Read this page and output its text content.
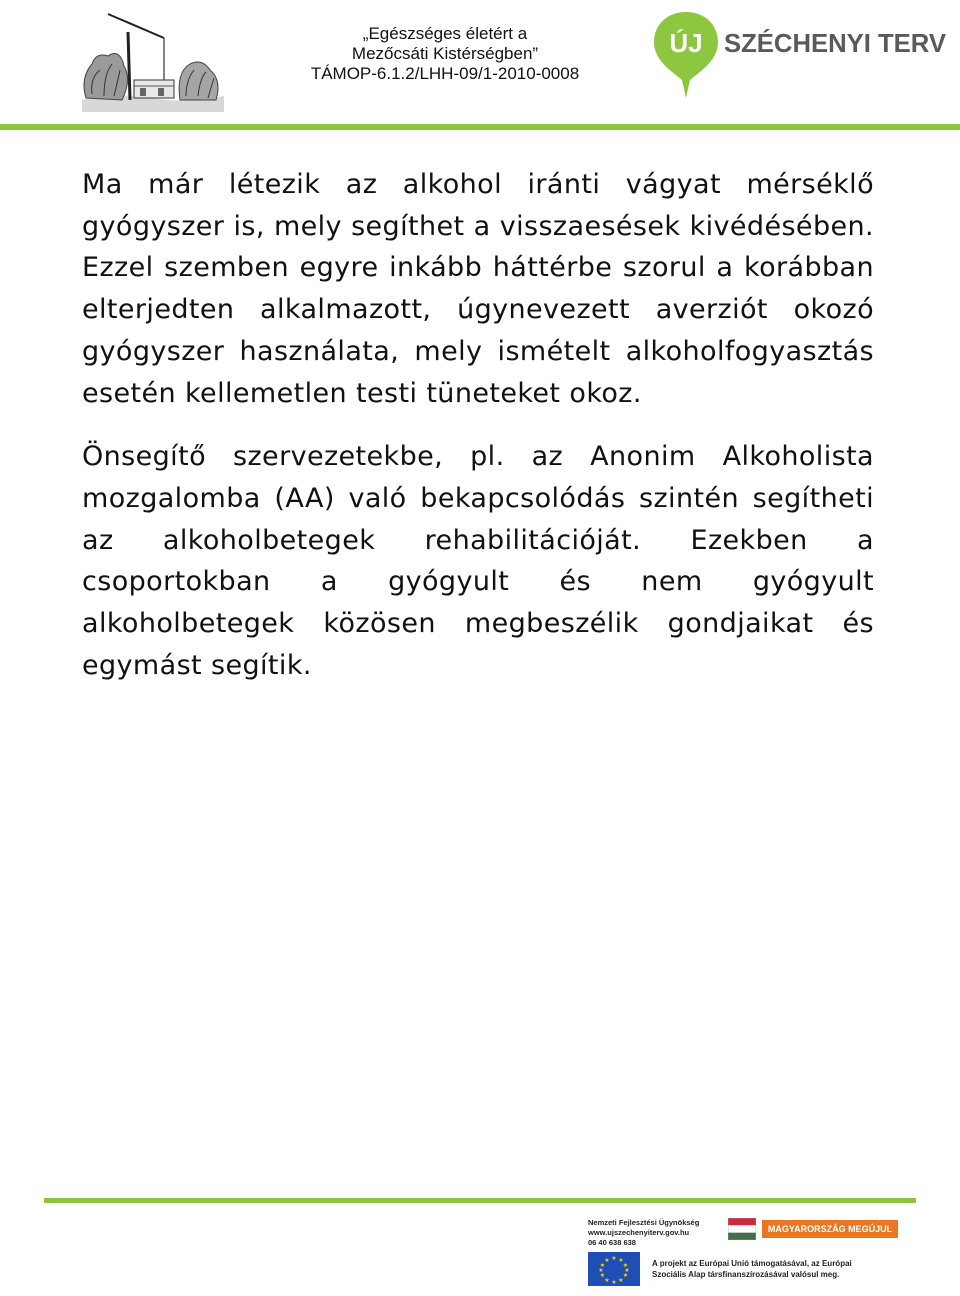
„Egészséges életért a
Mezőcsáti Kistérségben”
TÁMOP-6.1.2/LHH-09/1-2010-0008
ÚJ SZÉCHENYI TERV

Ma már létezik az alkohol iránti vágyat mérséklő gyógyszer is, mely segíthet a visszaesések kivédésében. Ezzel szemben egyre inkább háttérbe szorul a korábban elterjedten alkalmazott, úgynevezett averziót okozó gyógyszer használata, mely ismételt alkoholfogyasztás esetén kellemetlen testi tüneteket okoz.

Önsegítő szervezetekbe, pl. az Anonim Alkoholista mozgalomba (AA) való bekapcsolódás szintén segítheti az alkoholbetegek rehabilitációját. Ezekben a csoportokban a gyógyult és nem gyógyult alkoholbetegek közösen megbeszélik gondjaikat és egymást segítik.

Nemzeti Fejlesztési Ügynökség
www.ujszechenyiterv.gov.hu
06 40 638 638
MAGYARORSZÁG MEGÚJUL
★ ★
★
★
★
★
★
★
★
★
★
★	A projekt az Európai Unió támogatásával, az Európai
Szociális Alap társfinanszírozásával valósul meg.
